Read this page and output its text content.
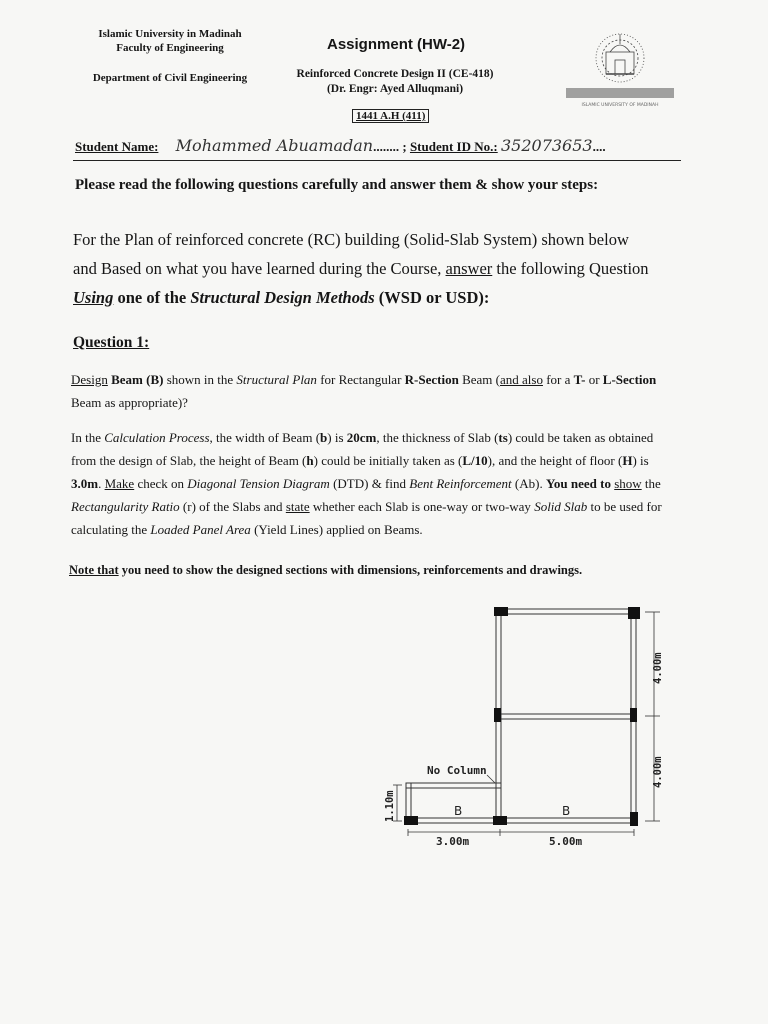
Islamic University in Madinah
Faculty of Engineering
Department of Civil Engineering
Assignment (HW-2)
Reinforced Concrete Design II (CE-418)
(Dr. Engr: Ayed Alluqmani)
1441 A.H (411)
ISLAMIC UNIVERSITY OF MADINAH
Student Name: Mohammed Abuamadan........ ; Student ID No.: 352073653....
Please read the following questions carefully and answer them & show your steps:
For the Plan of reinforced concrete (RC) building (Solid-Slab System) shown below
and Based on what you have learned during the Course, answer the following Question
Using one of the Structural Design Methods (WSD or USD):
Question 1:
Design Beam (B) shown in the Structural Plan for Rectangular R-Section Beam (and also for a T- or L-Section Beam as appropriate)?
In the Calculation Process, the width of Beam (b) is 20cm, the thickness of Slab (ts) could be taken as obtained from the design of Slab, the height of Beam (h) could be initially taken as (L/10), and the height of floor (H) is 3.0m. Make check on Diagonal Tension Diagram (DTD) & find Bent Reinforcement (Ab). You need to show the Rectangularity Ratio (r) of the Slabs and state whether each Slab is one-way or two-way Solid Slab to be used for calculating the Loaded Panel Area (Yield Lines) applied on Beams.
Note that you need to show the designed sections with dimensions, reinforcements and drawings.
No Column
B	B
4.00m
4.00m
1.10m
3.00m	5.00m
